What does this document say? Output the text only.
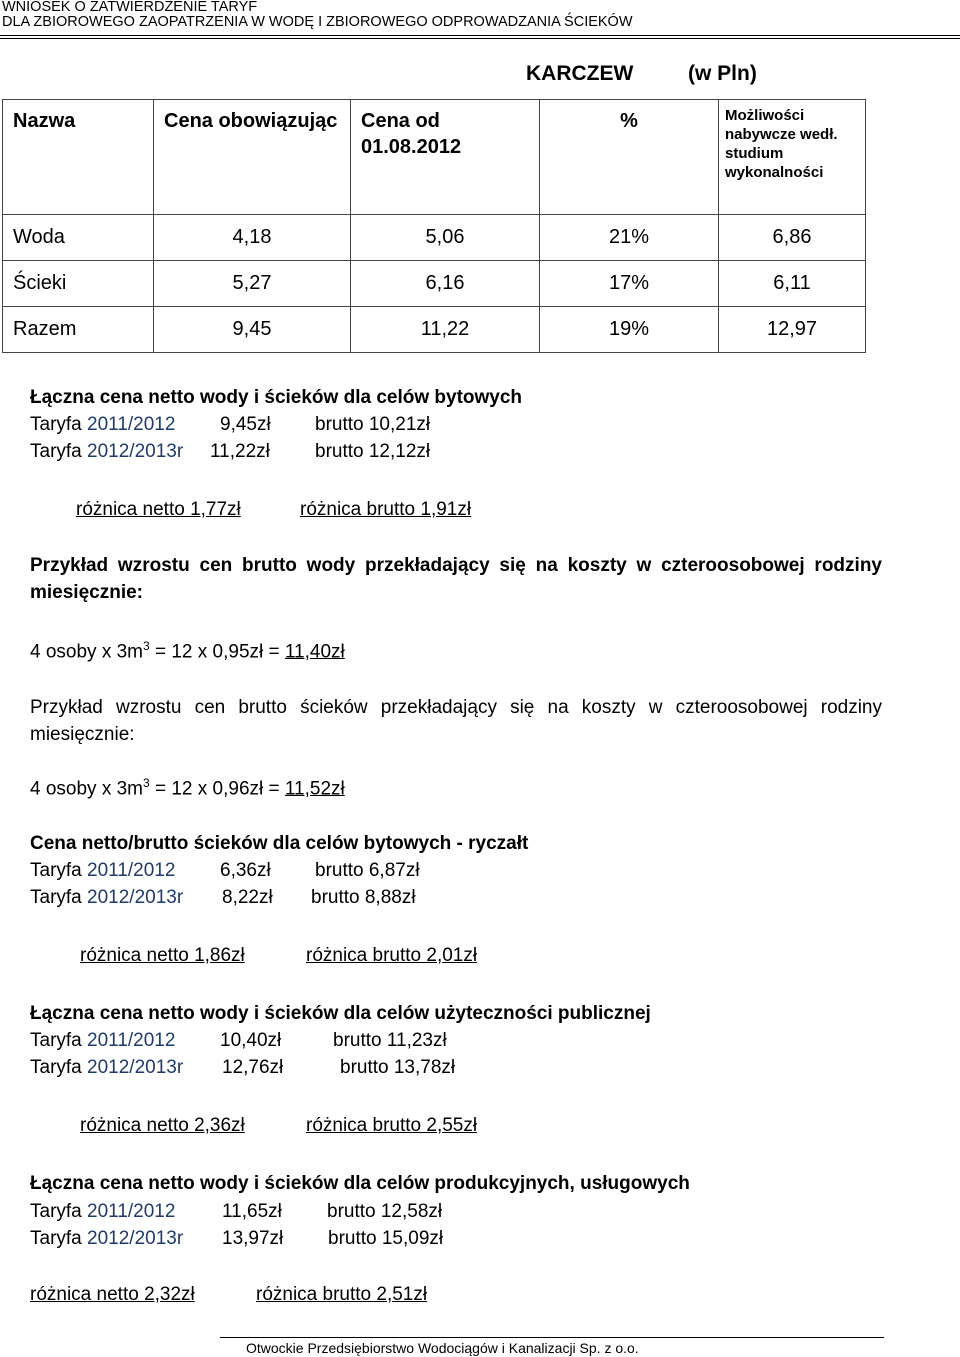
WNIOSEK O ZATWIERDZENIE TARYF
DLA ZBIOROWEGO ZAOPATRZENIA W WODĘ I ZBIOROWEGO ODPROWADZANIA ŚCIEKÓW
KARCZEW	(w Pln)
Nazwa	Cena obowiązując	Cena od 01.08.2012	%	Możliwości nabywcze wedł. studium wykonalności
Woda	4,18	5,06	21%	6,86
Ścieki	5,27	6,16	17%	6,11
Razem	9,45	11,22	19%	12,97
Łączna cena netto wody i ścieków dla celów bytowych
Taryfa 2011/2012 9,45zł brutto 10,21zł
Taryfa 2012/2013r 11,22zł brutto 12,12zł
różnica netto 1,77zł	różnica brutto 1,91zł
Przykład wzrostu cen brutto wody przekładający się na koszty w czteroosobowej rodziny miesięcznie:
4 osoby x $3m^3 = 12$ x 0,95zł = 11,40zł
Przykład wzrostu cen brutto ścieków przekładający się na koszty w czteroosobowej rodziny miesięcznie:
4 osoby x $3m^3 = 12$ x 0,96zł = 11,52zł
Cena netto/brutto ścieków dla celów bytowych - ryczałt
Taryfa 2011/2012 6,36zł brutto 6,87zł
Taryfa 2012/2013r 8,22zł brutto 8,88zł
różnica netto 1,86zł	różnica brutto 2,01zł
Łączna cena netto wody i ścieków dla celów użyteczności publicznej
Taryfa 2011/2012 10,40zł	brutto 11,23zł
Taryfa 2012/2013r 12,76zł	brutto 13,78zł
różnica netto 2,36zł	różnica brutto 2,55zł
Łączna cena netto wody i ścieków dla celów produkcyjnych, usługowych
Taryfa 2011/2012 11,65zł brutto 12,58zł
Taryfa 2012/2013r 13,97zł brutto 15,09zł
różnica netto 2,32zł	różnica brutto 2,51zł
Otwockie Przedsiębiorstwo Wodociągów i Kanalizacji Sp. z o.o.
